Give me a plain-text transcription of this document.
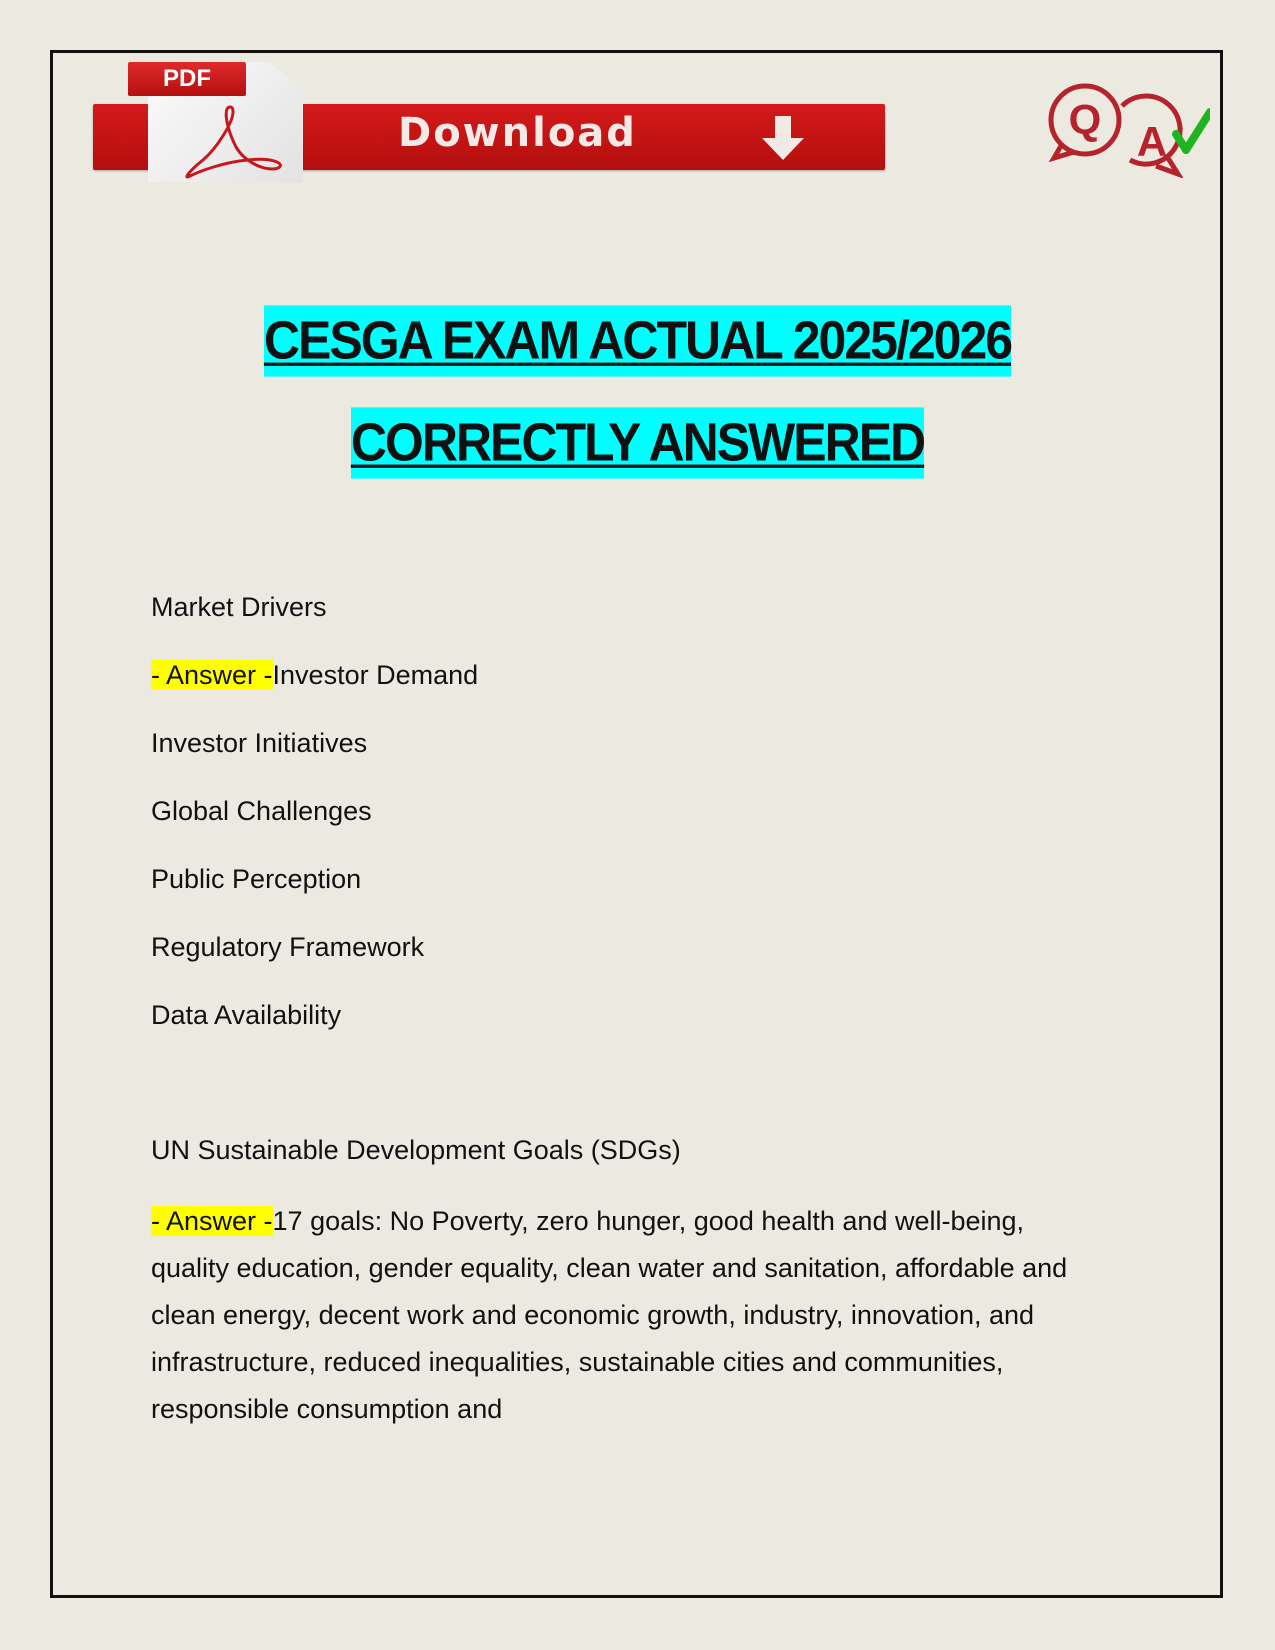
PDF
Download	Q A
CESGA EXAM ACTUAL 2025/2026
CORRECTLY ANSWERED
Market Drivers
- Answer -Investor Demand
Investor Initiatives
Global Challenges
Public Perception
Regulatory Framework
Data Availability
UN Sustainable Development Goals (SDGs)
- Answer -17 goals: No Poverty, zero hunger, good health and well-being, quality education, gender equality, clean water and sanitation, affordable and clean energy, decent work and economic growth, industry, innovation, and infrastructure, reduced inequalities, sustainable cities and communities, responsible consumption and
